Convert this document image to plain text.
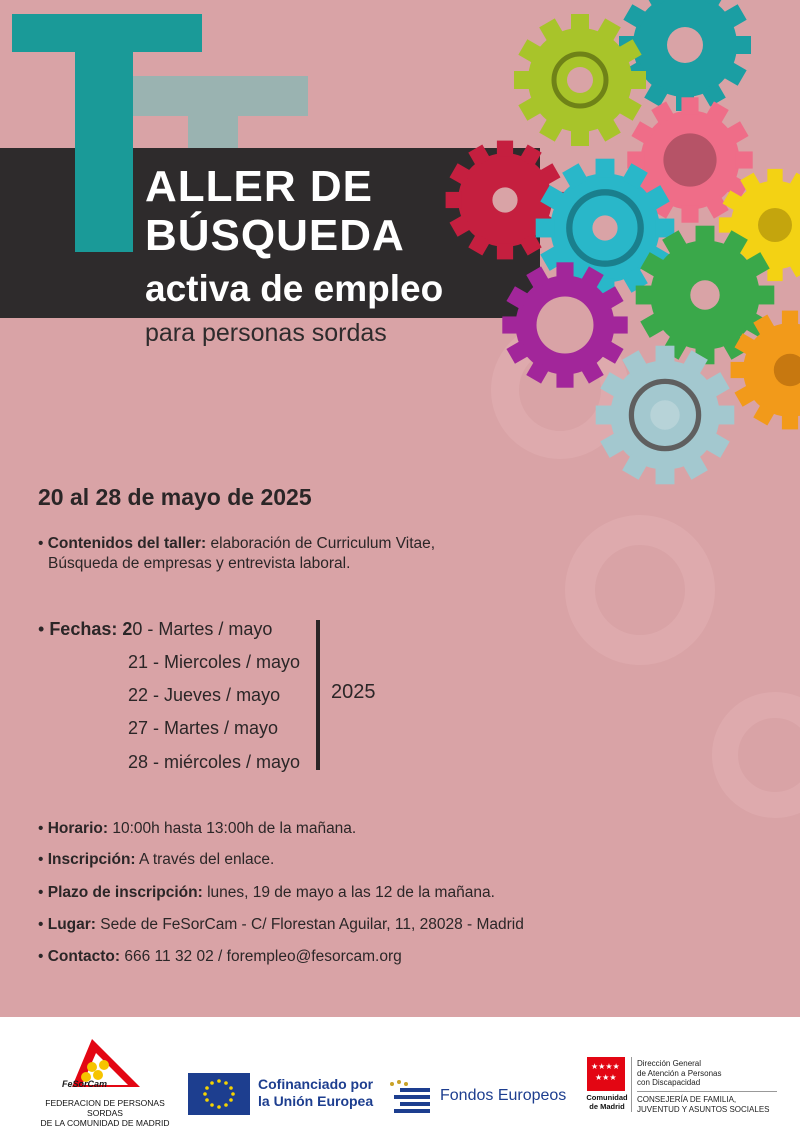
ALLER DE
BÚSQUEDA
activa de empleo
para personas sordas
20 al 28 de mayo de 2025
• Contenidos del taller: elaboración de Curriculum Vitae,
Búsqueda de empresas y entrevista laboral.
• Fechas: 20 - Martes / mayo
21 - Miercoles / mayo
22 - Jueves / mayo
27 - Martes / mayo
28 - miércoles / mayo
2025
• Horario: 10:00h hasta 13:00h de la mañana.
• Inscripción: A través del enlace.
• Plazo de inscripción: lunes, 19 de mayo a las 12 de la mañana.
• Lugar: Sede de FeSorCam - C/ Florestan Aguilar, 11, 28028 - Madrid
• Contacto: 666 11 32 02 / forempleo@fesorcam.org
FeSorCam
FEDERACION DE PERSONAS SORDAS
DE LA COMUNIDAD DE MADRID
Cofinanciado por
la Unión Europea	Fondos Europeos
★★★★
★★★
Comunidad
de Madrid
Dirección General
de Atención a Personas
con Discapacidad
CONSEJERÍA DE FAMILIA,
JUVENTUD Y ASUNTOS SOCIALES
